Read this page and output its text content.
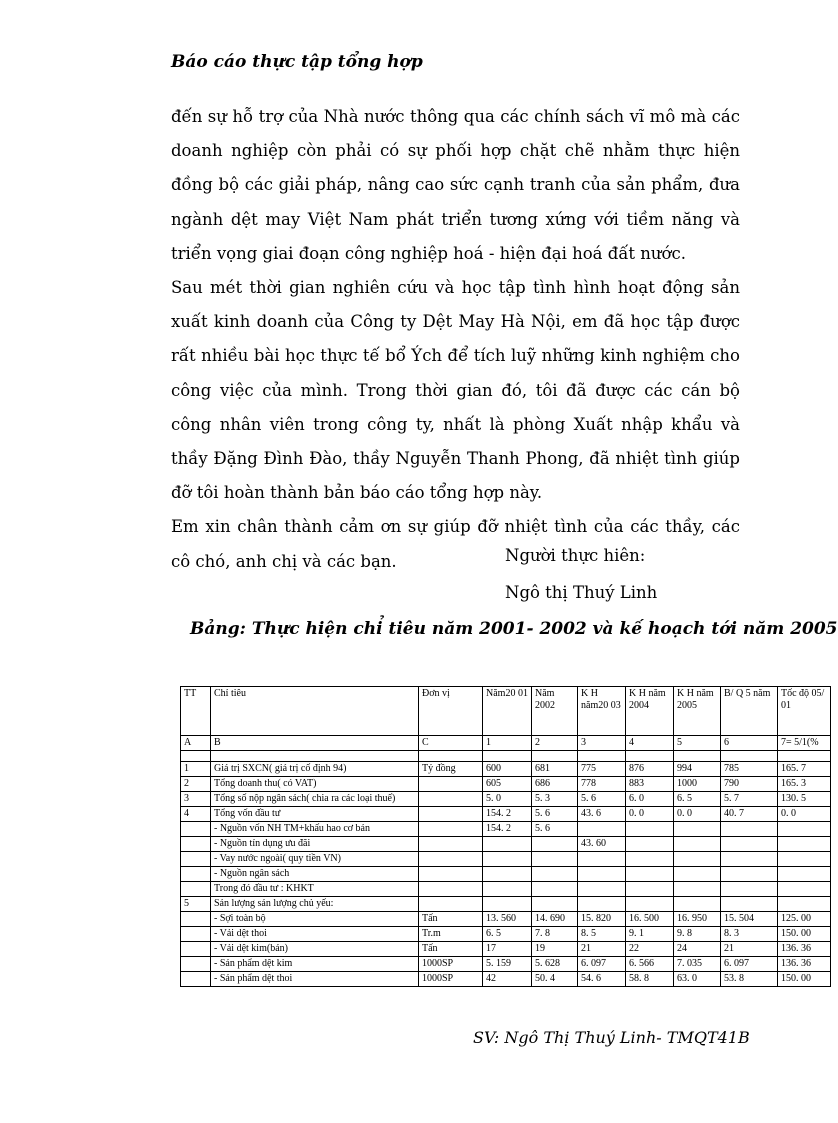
Báo cáo thực tập tổng hợp

đến sự hỗ trợ của Nhà nước thông qua các chính sách vĩ mô mà các doanh nghiệp còn phải có sự phối hợp chặt chẽ nhằm thực hiện đồng bộ các giải pháp, nâng cao sức cạnh tranh của sản phẩm, đưa ngành dệt may Việt Nam phát triển tương xứng với tiềm năng và triển vọng giai đoạn công nghiệp hoá - hiện đại hoá đất nước.

Sau mét thời gian nghiên cứu và học tập tình hình hoạt động sản xuất kinh doanh của Công ty Dệt May Hà Nội, em đã học tập được rất nhiều bài học thực tế bổ Ých để tích luỹ những kinh nghiệm cho công việc của mình. Trong thời gian đó, tôi đã được các cán bộ công nhân viên trong công ty, nhất là phòng Xuất nhập khẩu và thầy Đặng Đình Đào, thầy Nguyễn Thanh Phong, đã nhiệt tình giúp đỡ tôi hoàn thành bản báo cáo tổng hợp này.

Em xin chân thành cảm ơn sự giúp đỡ nhiệt tình của các thầy, các cô chó, anh chị và các bạn.	Người thực hiên:
Ngô thị Thuý Linh
Bảng: Thực hiện chỉ tiêu năm 2001- 2002 và kế hoạch tới năm 2005
TT	Chỉ tiêu	Đơn vị	Năm20 01	Năm 2002	K H năm20 03	K H năm 2004	K H năm 2005	B/ Q 5 năm	Tốc độ 05/ 01
A	B	C	1	2	3	4	5	6	7= 5/1(%

1	Giá trị SXCN( giá trị cố định 94)	Tỷ đồng	600	681	775	876	994	785	165. 7
2	Tổng doanh thu( có VAT)		605	686	778	883	1000	790	165. 3
3	Tổng số nộp ngân sách( chia ra các loại thuế)		5. 0	5. 3	5. 6	6. 0	6. 5	5. 7	130. 5
4	Tổng vốn đầu tư		154. 2	5. 6	43. 6	0. 0	0. 0	40. 7	0. 0
	- Nguồn vốn NH TM+khấu hao cơ bản		154. 2	5. 6					
	- Nguồn tín dụng ưu đãi				43. 60				
	- Vay nước ngoài( quy tiền VN)								
	- Nguồn ngân sách								
	Trong đó đầu tư : KHKT								
5	Sản lượng sản lượng chủ yếu:								
	- Sợi toàn bộ	Tấn	13. 560	14. 690	15. 820	16. 500	16. 950	15. 504	125. 00
	- Vải dệt thoi	Tr.m	6. 5	7. 8	8. 5	9. 1	9. 8	8. 3	150. 00
	- Vải dệt kim(bán)	Tấn	17	19	21	22	24	21	136. 36
	- Sản phẩm dệt kim	1000SP	5. 159	5. 628	6. 097	6. 566	7. 035	6. 097	136. 36
	- Sản phẩm dệt thoi	1000SP	42	50. 4	54. 6	58. 8	63. 0	53. 8	150. 00
SV: Ngô Thị Thuý Linh- TMQT41B
